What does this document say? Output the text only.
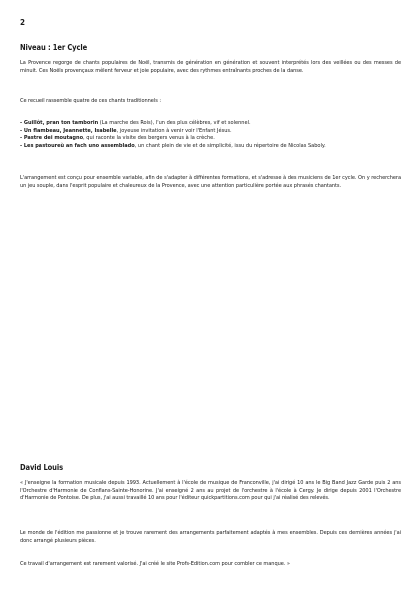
2
Niveau : 1er Cycle

La Provence regorge de chants populaires de Noël, transmis de génération en génération et souvent interprétés lors des veillées ou des messes de minuit. Ces Noëls provençaux mêlent ferveur et joie populaire, avec des rythmes entraînants proches de la danse.

Ce recueil rassemble quatre de ces chants traditionnels :

- Guillôt, pran ton tamborin (La marche des Rois), l'un des plus célèbres, vif et solennel.
- Un flambeau, Jeannette, Isabelle, joyeuse invitation à venir voir l'Enfant Jésus.
- Pastre dei moutagno, qui raconte la visite des bergers venus à la crèche.
- Les pastoureù an fach uno assemblado, un chant plein de vie et de simplicité, issu du répertoire de Nicolas Saboly.

L'arrangement est conçu pour ensemble variable, afin de s'adapter à différentes formations, et s'adresse à des musiciens de 1er cycle. On y recherchera un jeu souple, dans l'esprit populaire et chaleureux de la Provence, avec une attention particulière portée aux phrasés chantants.

David Louis

« J'enseigne la formation musicale depuis 1993. Actuellement à l'école de musique de Franconville, j'ai dirigé 10 ans le Big Band Jazz Garde puis 2 ans l'Orchestre d'Harmonie de Conflans-Sainte-Honorine. J'ai enseigné 2 ans au projet de l'orchestre à l'école à Cergy. Je dirige depuis 2001 l'Orchestre d'Harmonie de Pontoise. De plus, j'ai aussi travaillé 10 ans pour l'éditeur quickpartitions.com pour qui j'ai réalisé des relevés.

Le monde de l'édition me passionne et je trouve rarement des arrangements parfaitement adaptés à mes ensembles. Depuis ces dernières années j'ai donc arrangé plusieurs pièces.

Ce travail d'arrangement est rarement valorisé. J'ai créé le site Profs-Edition.com pour combler ce manque. »
